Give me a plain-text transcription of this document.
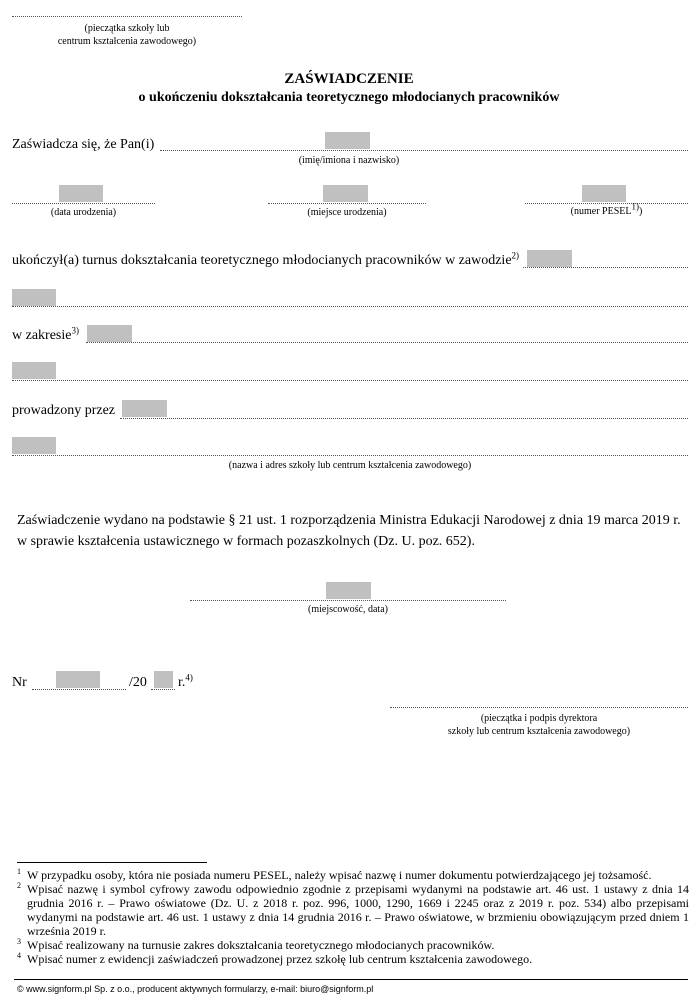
(pieczątka szkoły lub
centrum kształcenia zawodowego)
ZAŚWIADCZENIE
o ukończeniu dokształcania teoretycznego młodocianych pracowników
Zaświadcza się, że Pan(i)
(imię/imiona i nazwisko)
(data urodzenia)	(miejsce urodzenia)	(numer PESEL$^{1)}$)
ukończył(a) turnus dokształcania teoretycznego młodocianych pracowników w zawodzie$^{2)}$
w zakresie$^{3)}$
prowadzony przez
(nazwa i adres szkoły lub centrum kształcenia zawodowego)
Zaświadczenie wydano na podstawie § 21 ust. 1 rozporządzenia Ministra Edukacji Narodowej z dnia 19 marca 2019 r.
w sprawie kształcenia ustawicznego w formach pozaszkolnych (Dz. U. poz. 652).
(miejscowość, data)
Nr	/20 r.$^{4)}$
(pieczątka i podpis dyrektora
szkoły lub centrum kształcenia zawodowego)
1 W przypadku osoby, która nie posiada numeru PESEL, należy wpisać nazwę i numer dokumentu potwierdzającego jej tożsamość.
2 Wpisać nazwę i symbol cyfrowy zawodu odpowiednio zgodnie z przepisami wydanymi na podstawie art. 46 ust. 1 ustawy z dnia 14 grudnia 2016 r. – Prawo oświatowe (Dz. U. z 2018 r. poz. 996, 1000, 1290, 1669 i 2245 oraz z 2019 r. poz. 534) albo przepisami wydanymi na podstawie art. 46 ust. 1 ustawy z dnia 14 grudnia 2016 r. – Prawo oświatowe, w brzmieniu obowiązującym przed dniem 1 września 2019 r.
3 Wpisać realizowany na turnusie zakres dokształcania teoretycznego młodocianych pracowników.
4 Wpisać numer z ewidencji zaświadczeń prowadzonej przez szkołę lub centrum kształcenia zawodowego.
© www.signform.pl Sp. z o.o., producent aktywnych formularzy, e-mail: biuro@signform.pl
